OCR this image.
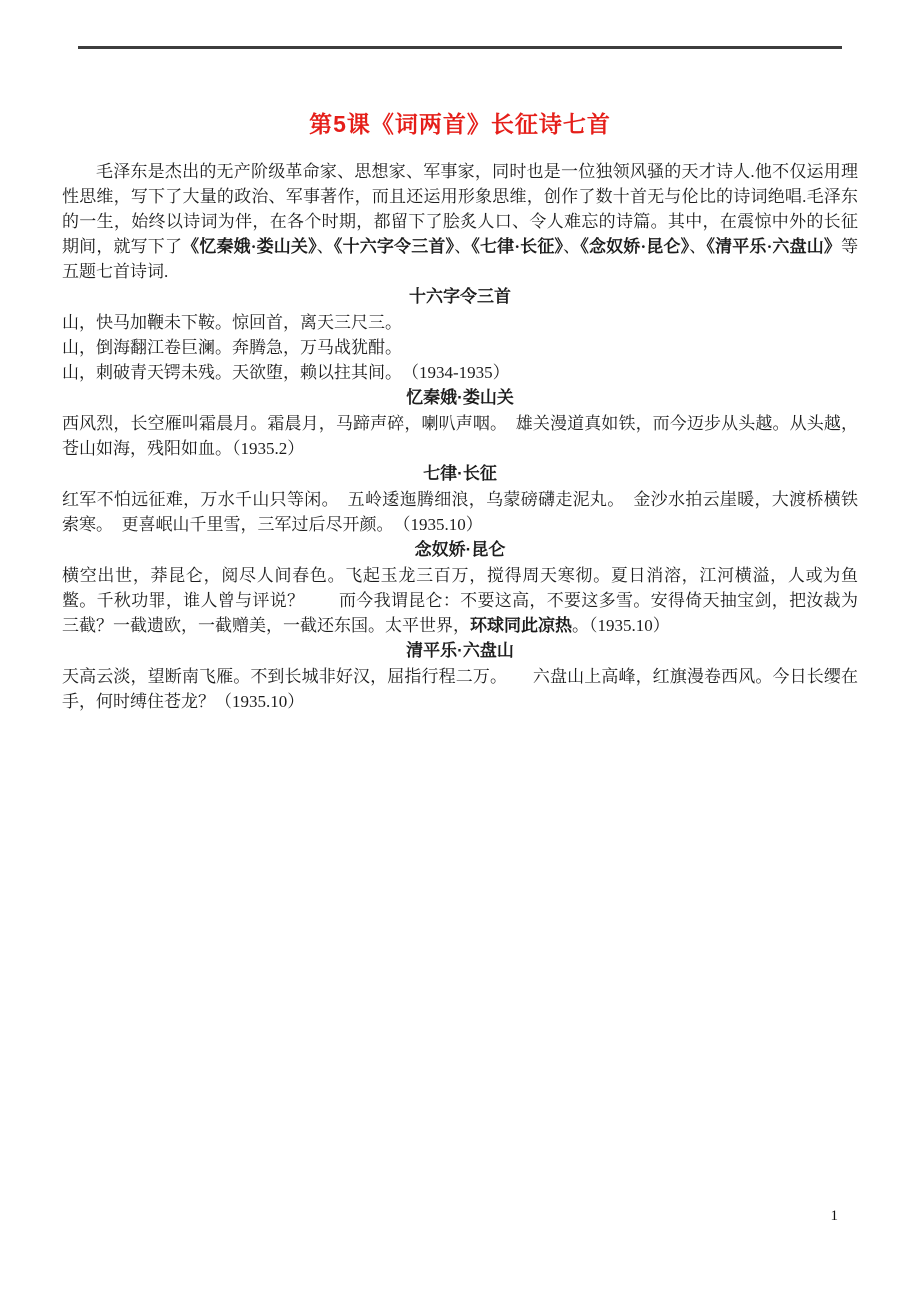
第5课《词两首》长征诗七首

毛泽东是杰出的无产阶级革命家、思想家、军事家，同时也是一位独领风骚的天才诗人.他不仅运用理性思维，写下了大量的政治、军事著作，而且还运用形象思维，创作了数十首无与伦比的诗词绝唱.毛泽东的一生，始终以诗词为伴，在各个时期，都留下了脍炙人口、令人难忘的诗篇。其中，在震惊中外的长征期间，就写下了《忆秦娥·娄山关》、《十六字令三首》、《七律·长征》、《念奴娇·昆仑》、《清平乐·六盘山》等五题七首诗词.

十六字令三首

山，快马加鞭未下鞍。惊回首，离天三尺三。

山，倒海翻江卷巨澜。奔腾急，万马战犹酣。

山，刺破青天锷未残。天欲堕，赖以拄其间。　（1934-1935）

忆秦娥·娄山关

西风烈，长空雁叫霜晨月。霜晨月，马蹄声碎，喇叭声咽。　雄关漫道真如铁，而今迈步从头越。从头越，苍山如海，残阳如血。（1935.2）

七律·长征

红军不怕远征难，万水千山只等闲。　五岭逶迤腾细浪，乌蒙磅礴走泥丸。　金沙水拍云崖暖，大渡桥横铁索寒。　更喜岷山千里雪，三军过后尽开颜。　（1935.10）

念奴娇·昆仑

横空出世，莽昆仑，阅尽人间春色。飞起玉龙三百万，搅得周天寒彻。夏日消溶，江河横溢，人或为鱼鳖。千秋功罪，谁人曾与评说？　　而今我谓昆仑：不要这高，不要这多雪。安得倚天抽宝剑，把汝裁为三截？一截遗欧，一截赠美，一截还东国。太平世界，环球同此凉热。（1935.10）

清平乐·六盘山

天高云淡，望断南飞雁。不到长城非好汉，屈指行程二万。　　六盘山上高峰，红旗漫卷西风。今日长缨在手，何时缚住苍龙？（1935.10）

1
